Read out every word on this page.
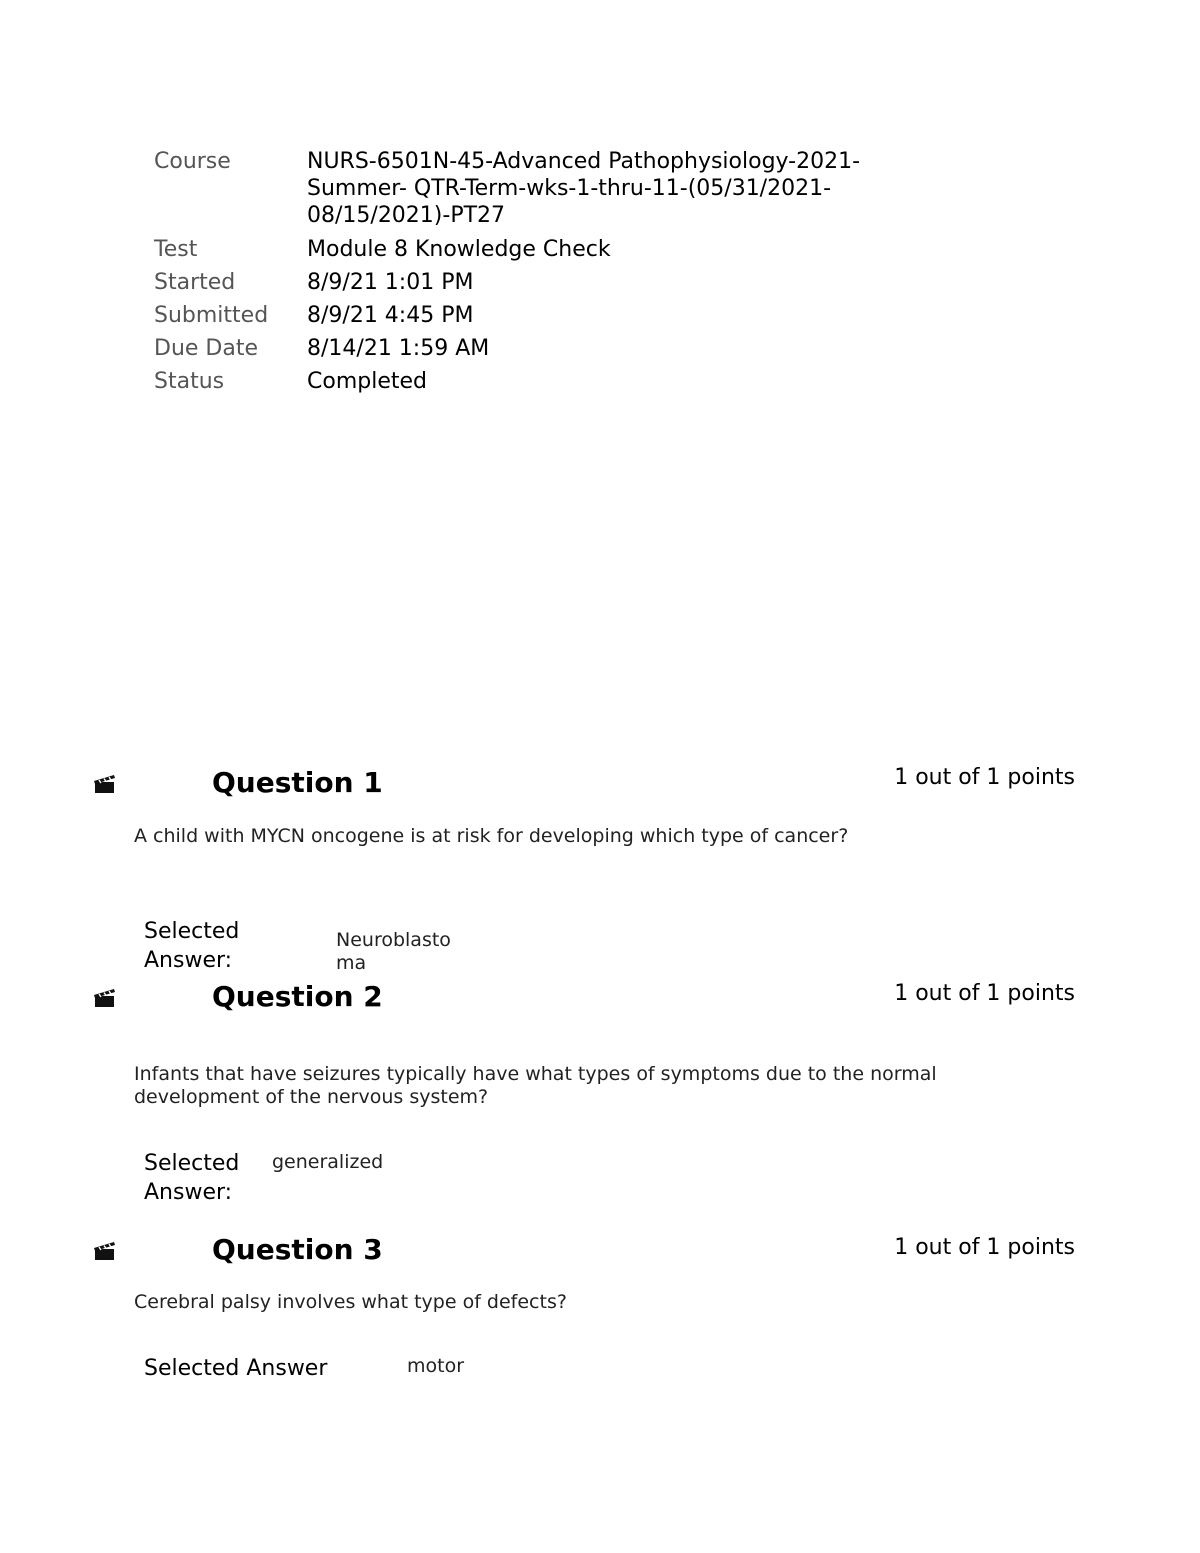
Course	NURS-6501N-45-Advanced Pathophysiology-2021-Summer- QTR-Term-wks-1-thru-11-(05/31/2021-08/15/2021)-PT27
Test	Module 8 Knowledge Check
Started	8/9/21 1:01 PM
Submitted 8/9/21 4:45 PM
Due Date 8/14/21 1:59 AM
Status	Completed
Question 1	1 out of 1 points
A child with MYCN oncogene is at risk for developing which type of cancer?
Selected
Answer:
Neuroblasto
ma
Question 2	1 out of 1 points
Infants that have seizures typically have what types of symptoms due to the normal development of the nervous system?
Selected
Answer:
generalized
Question 3	1 out of 1 points
Cerebral palsy involves what type of defects?
Selected Answer	motor
